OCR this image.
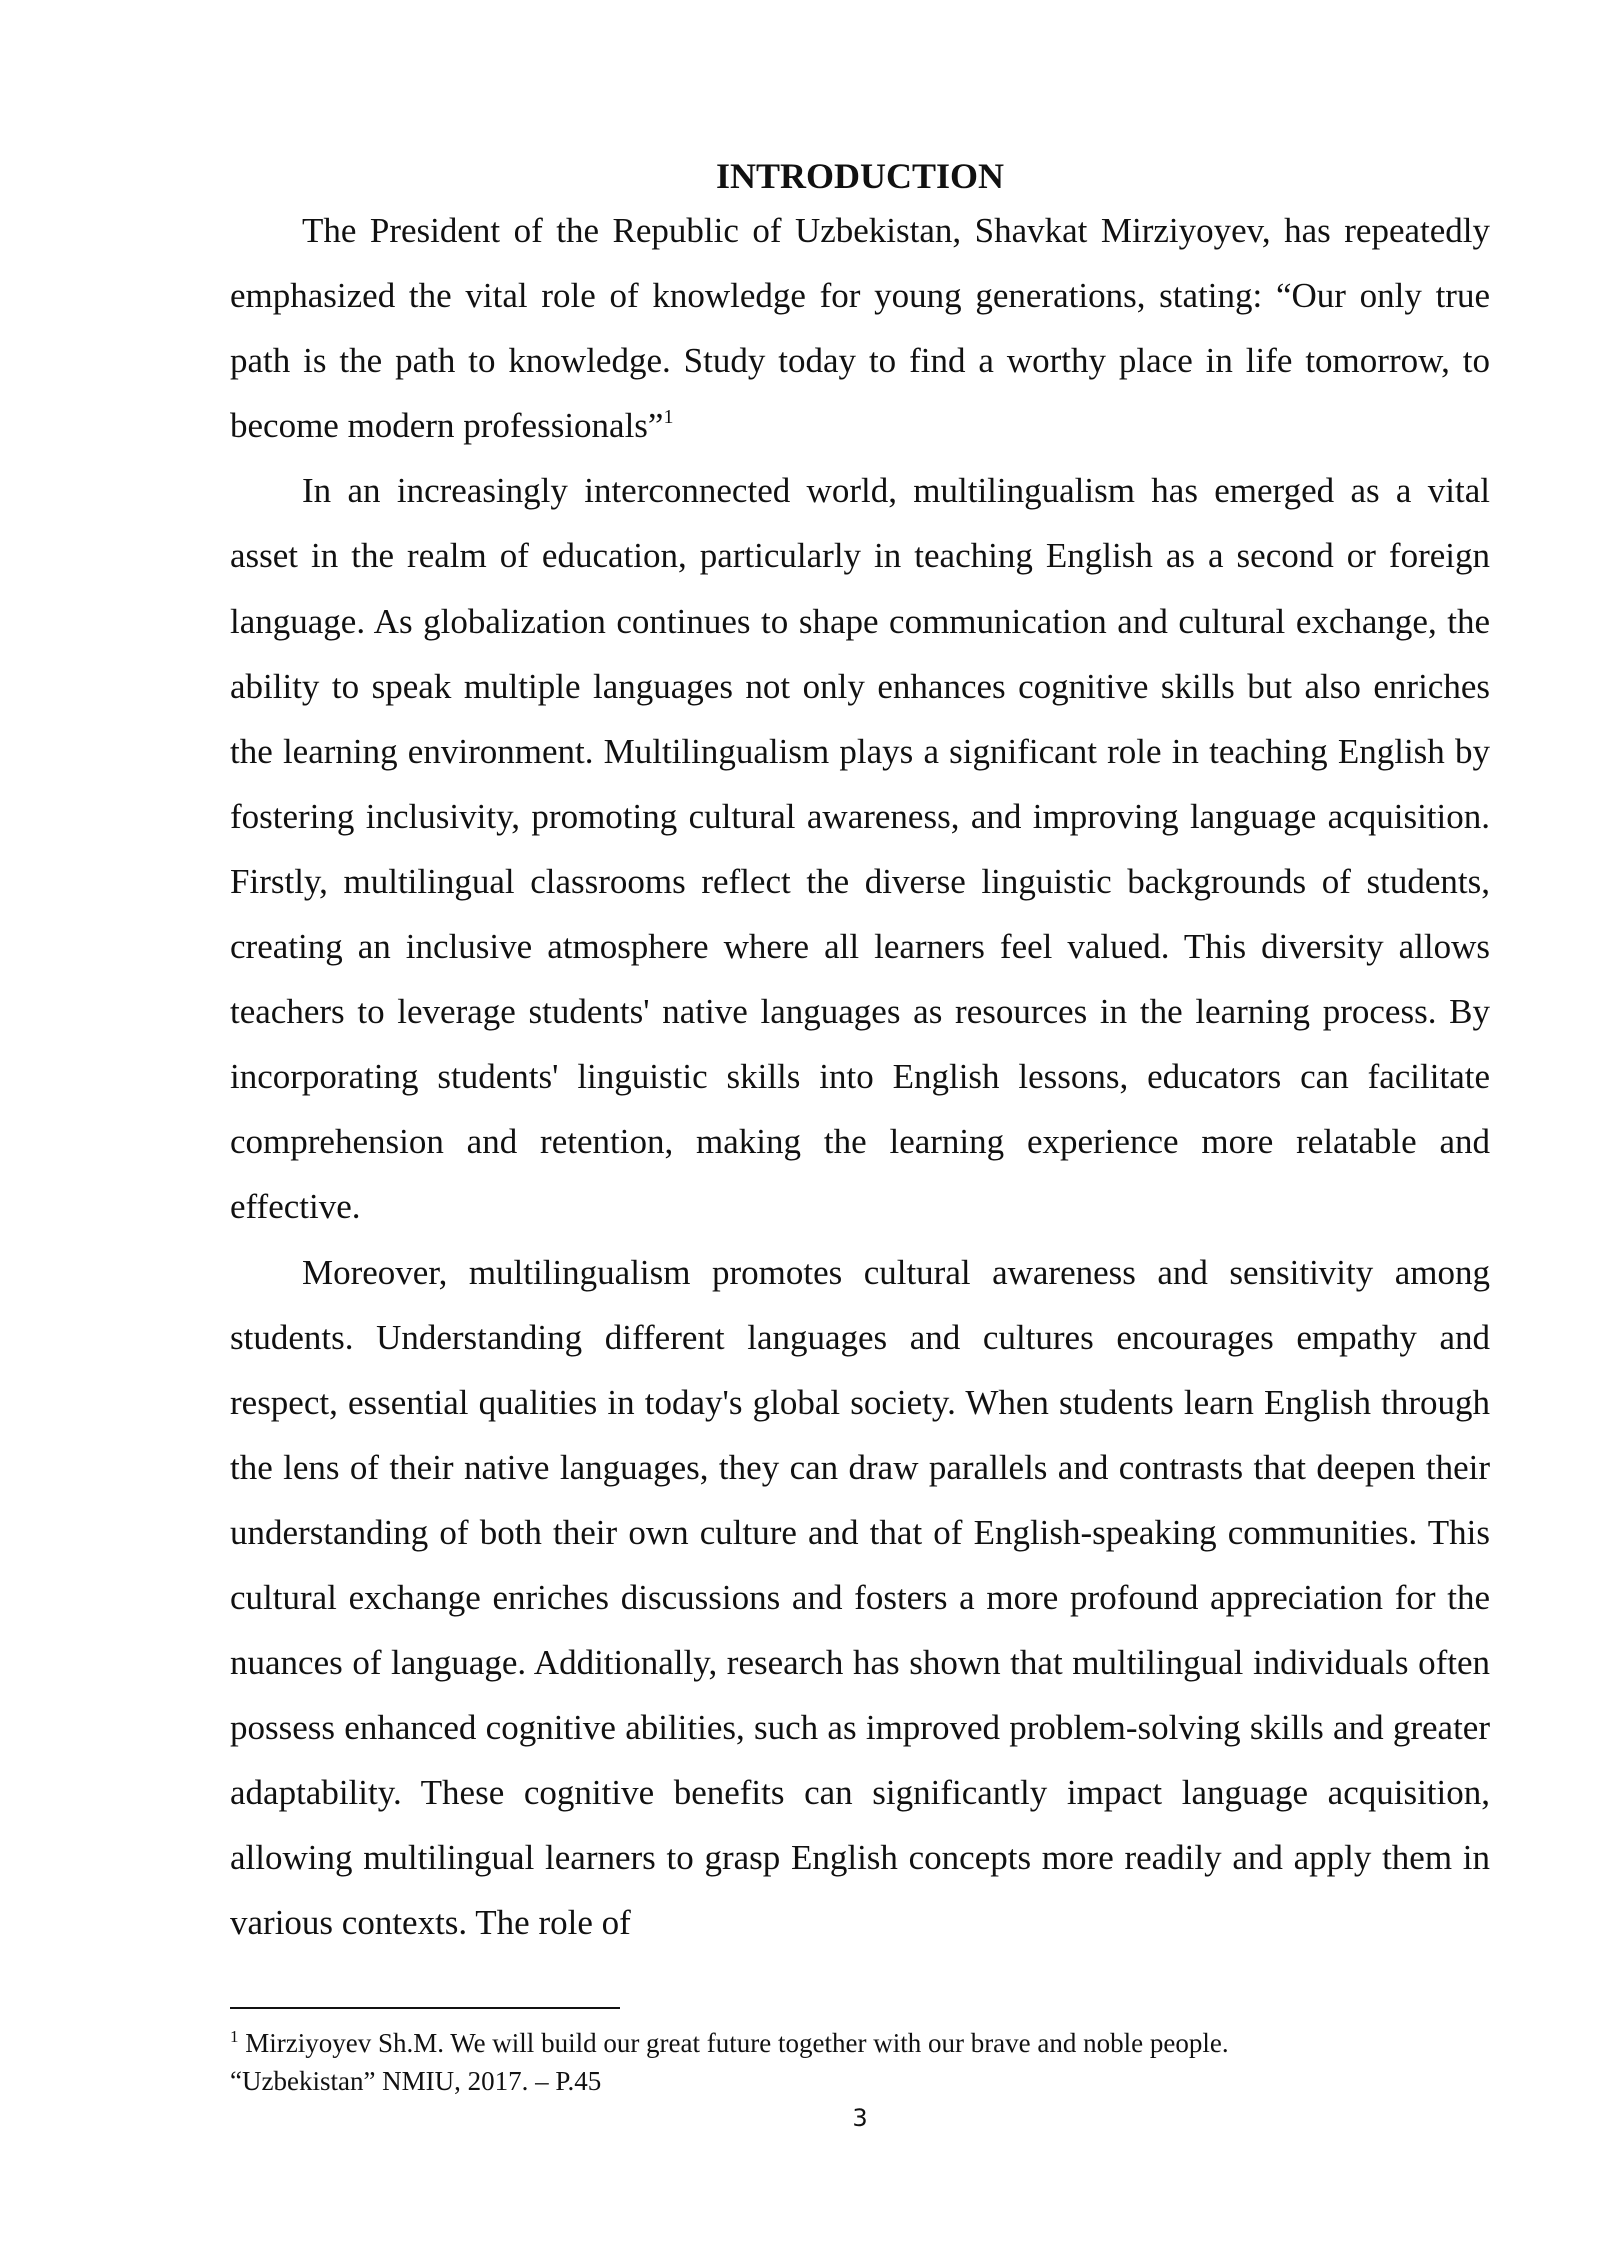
INTRODUCTION

The President of the Republic of Uzbekistan, Shavkat Mirziyoyev, has repeatedly emphasized the vital role of knowledge for young generations, stating: “Our only true path is the path to knowledge. Study today to find a worthy place in life tomorrow, to become modern professionals”$^1$

In an increasingly interconnected world, multilingualism has emerged as a vital asset in the realm of education, particularly in teaching English as a second or foreign language. As globalization continues to shape communication and cultural exchange, the ability to speak multiple languages not only enhances cognitive skills but also enriches the learning environment. Multilingualism plays a significant role in teaching English by fostering inclusivity, promoting cultural awareness, and improving language acquisition. Firstly, multilingual classrooms reflect the diverse linguistic backgrounds of students, creating an inclusive atmosphere where all learners feel valued. This diversity allows teachers to leverage students' native languages as resources in the learning process. By incorporating students' linguistic skills into English lessons, educators can facilitate comprehension and retention, making the learning experience more relatable and effective.

Moreover, multilingualism promotes cultural awareness and sensitivity among students. Understanding different languages and cultures encourages empathy and respect, essential qualities in today's global society. When students learn English through the lens of their native languages, they can draw parallels and contrasts that deepen their understanding of both their own culture and that of English-speaking communities. This cultural exchange enriches discussions and fosters a more profound appreciation for the nuances of language. Additionally, research has shown that multilingual individuals often possess enhanced cognitive abilities, such as improved problem-solving skills and greater adaptability. These cognitive benefits can significantly impact language acquisition, allowing multilingual learners to grasp English concepts more readily and apply them in various contexts. The role of

$^1$ Mirziyoyev Sh.M. We will build our great future together with our brave and noble people.

“Uzbekistan” NMIU, 2017. – P.45

3
